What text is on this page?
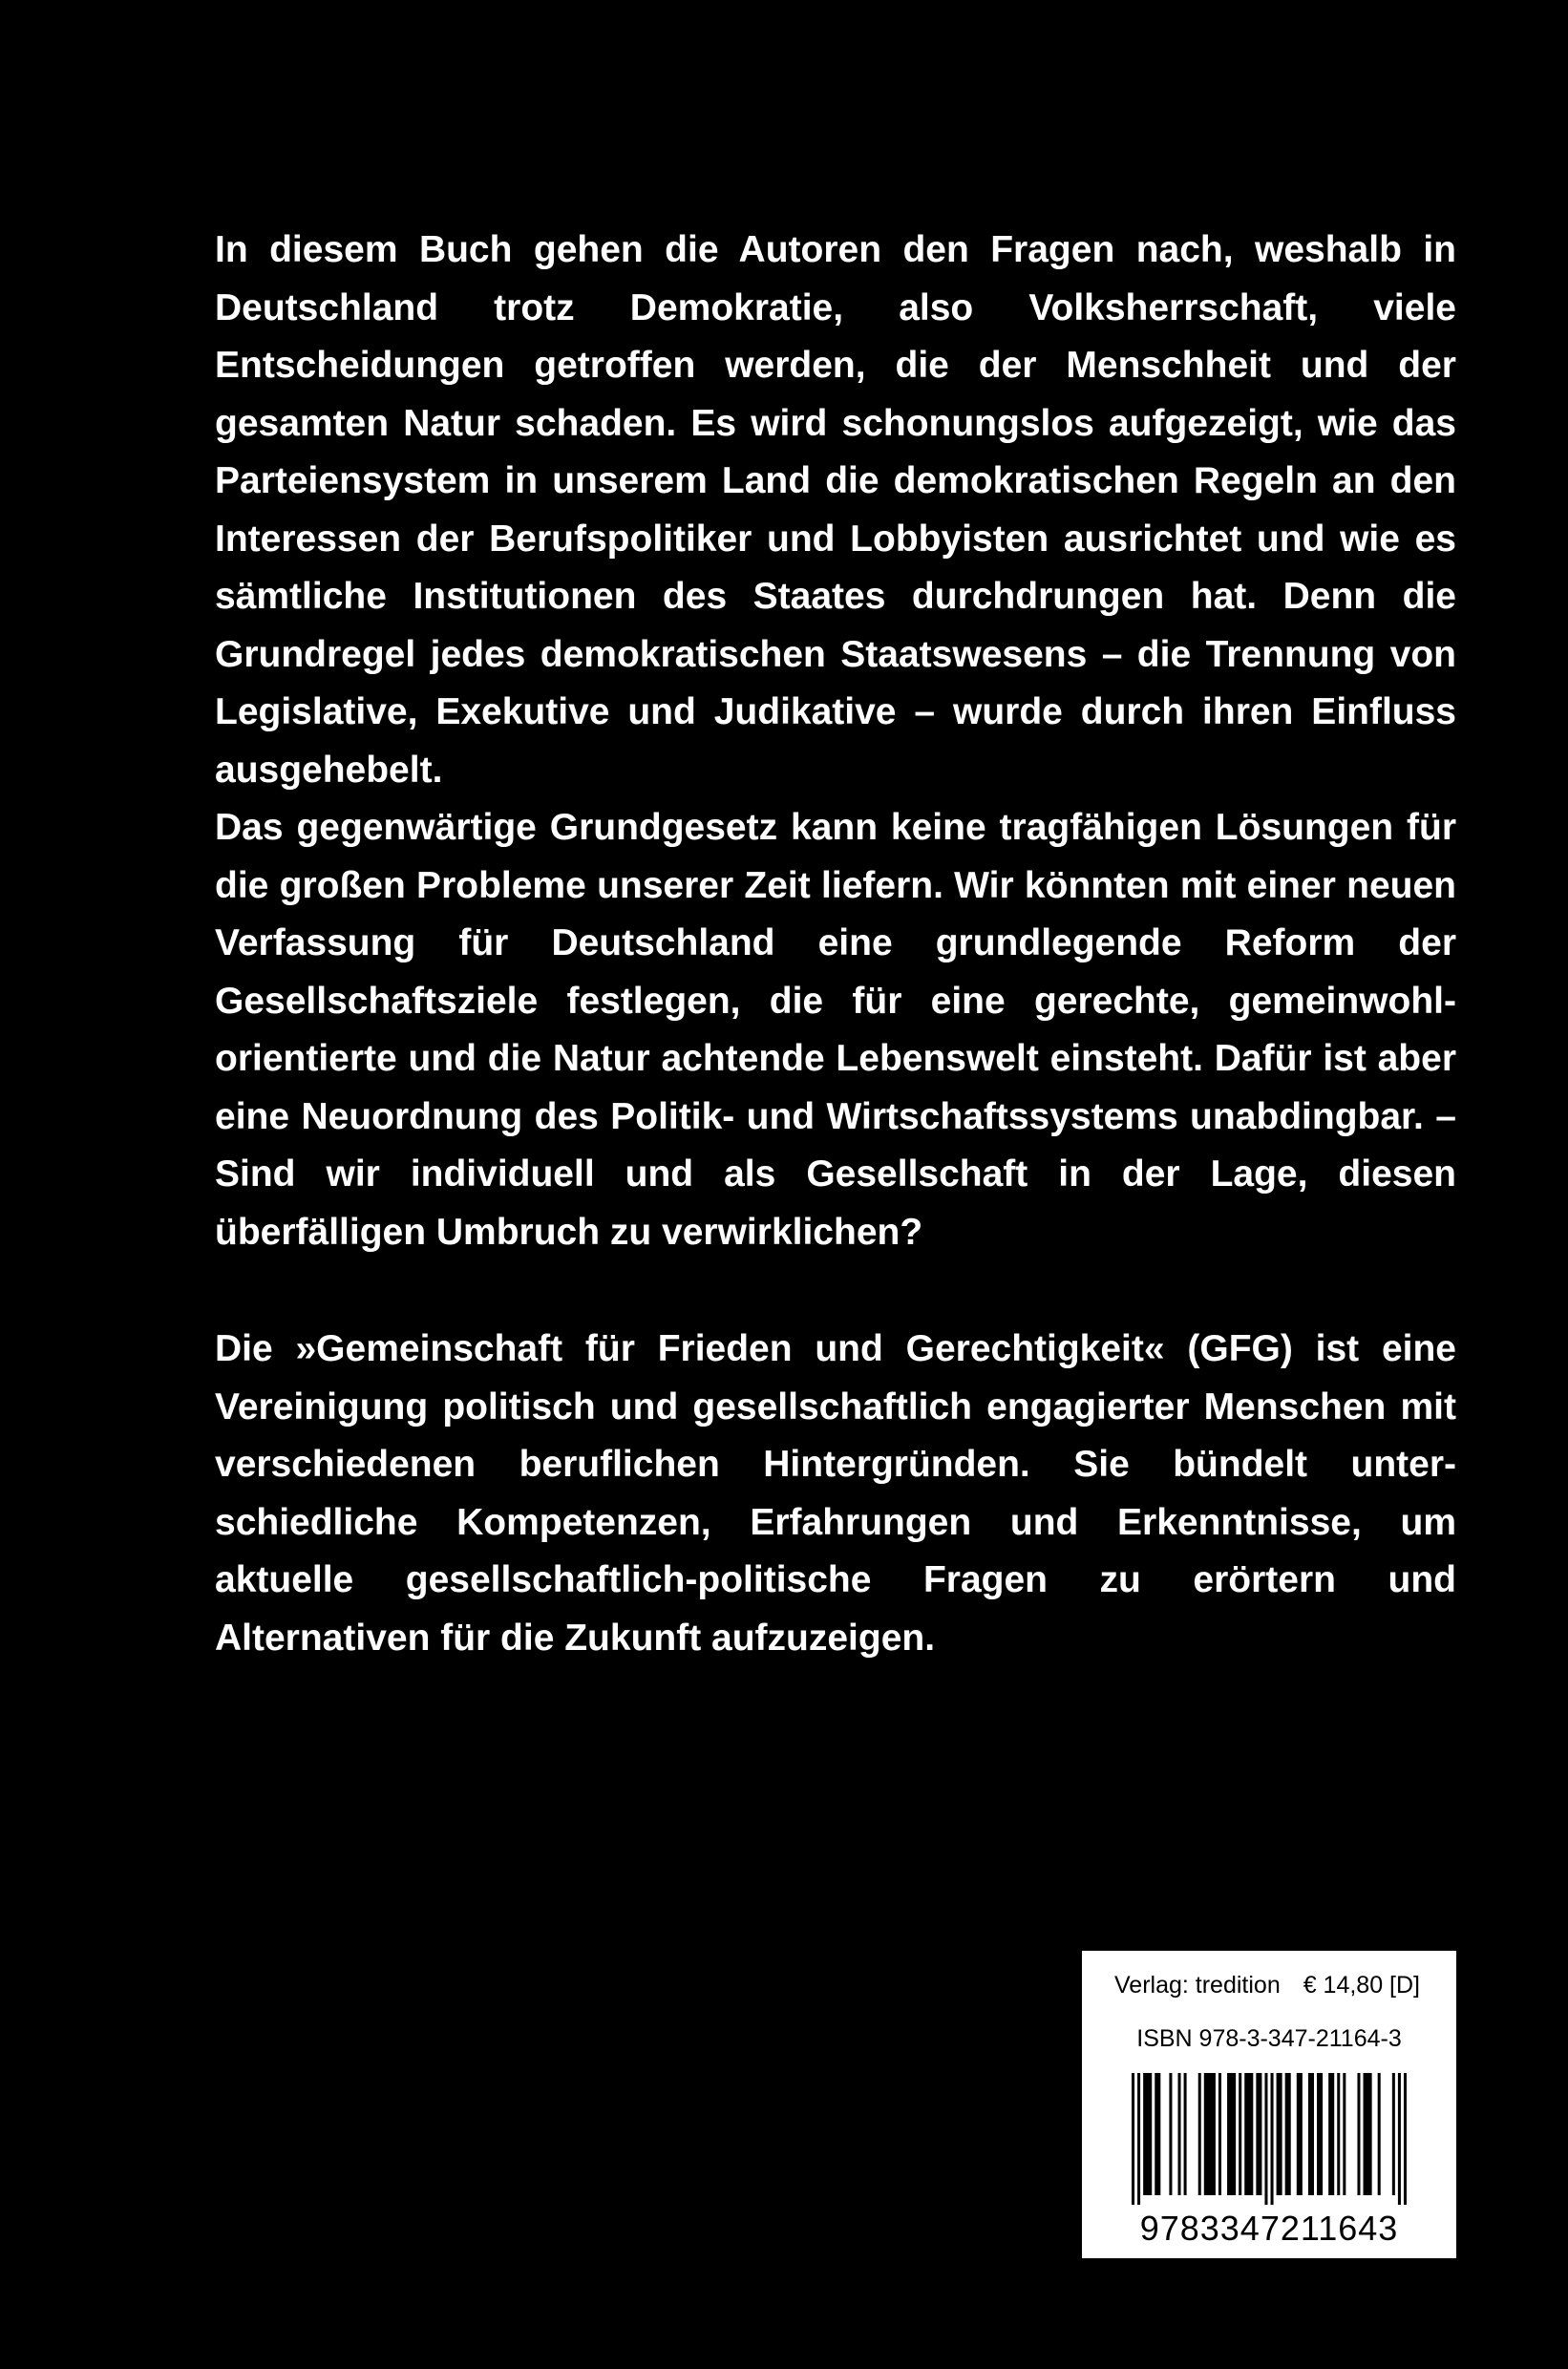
In diesem Buch gehen die Autoren den Fragen nach, weshalb in Deutschland trotz Demokratie, also Volksherrschaft, viele Entscheidungen getroffen werden, die der Menschheit und der gesamten Natur schaden. Es wird schonungslos aufgezeigt, wie das Parteiensystem in unserem Land die demokratischen Regeln an den Interessen der Berufspolitiker und Lobbyisten ausrichtet und wie es sämtliche Institutionen des Staates durchdrungen hat. Denn die Grundregel jedes demokratischen Staatswesens – die Trennung von Legislative, Exekutive und Judikative – wurde durch ihren Einfluss ausgehebelt.

Das gegenwärtige Grundgesetz kann keine tragfähigen Lösungen für die großen Probleme unserer Zeit liefern. Wir könnten mit einer neuen Verfassung für Deutschland eine grundlegende Reform der Gesellschaftsziele festlegen, die für eine gerechte, gemeinwohlorientierte und die Natur achtende Lebenswelt einsteht. Dafür ist aber eine Neuordnung des Politik- und Wirtschaftssystems unabdingbar. – Sind wir individuell und als Gesellschaft in der Lage, diesen überfälligen Umbruch zu verwirklichen?

Die »Gemeinschaft für Frieden und Gerechtigkeit« (GFG) ist eine Vereinigung politisch und gesellschaftlich engagierter Menschen mit verschiedenen beruflichen Hintergründen. Sie bündelt unterschiedliche Kompetenzen, Erfahrungen und Erkenntnisse, um aktuelle gesellschaftlich-politische Fragen zu erörtern und Alternativen für die Zukunft aufzuzeigen.

Verlag: tredition € 14,80 [D]
ISBN 978-3-347-21164-3
9783347211643
